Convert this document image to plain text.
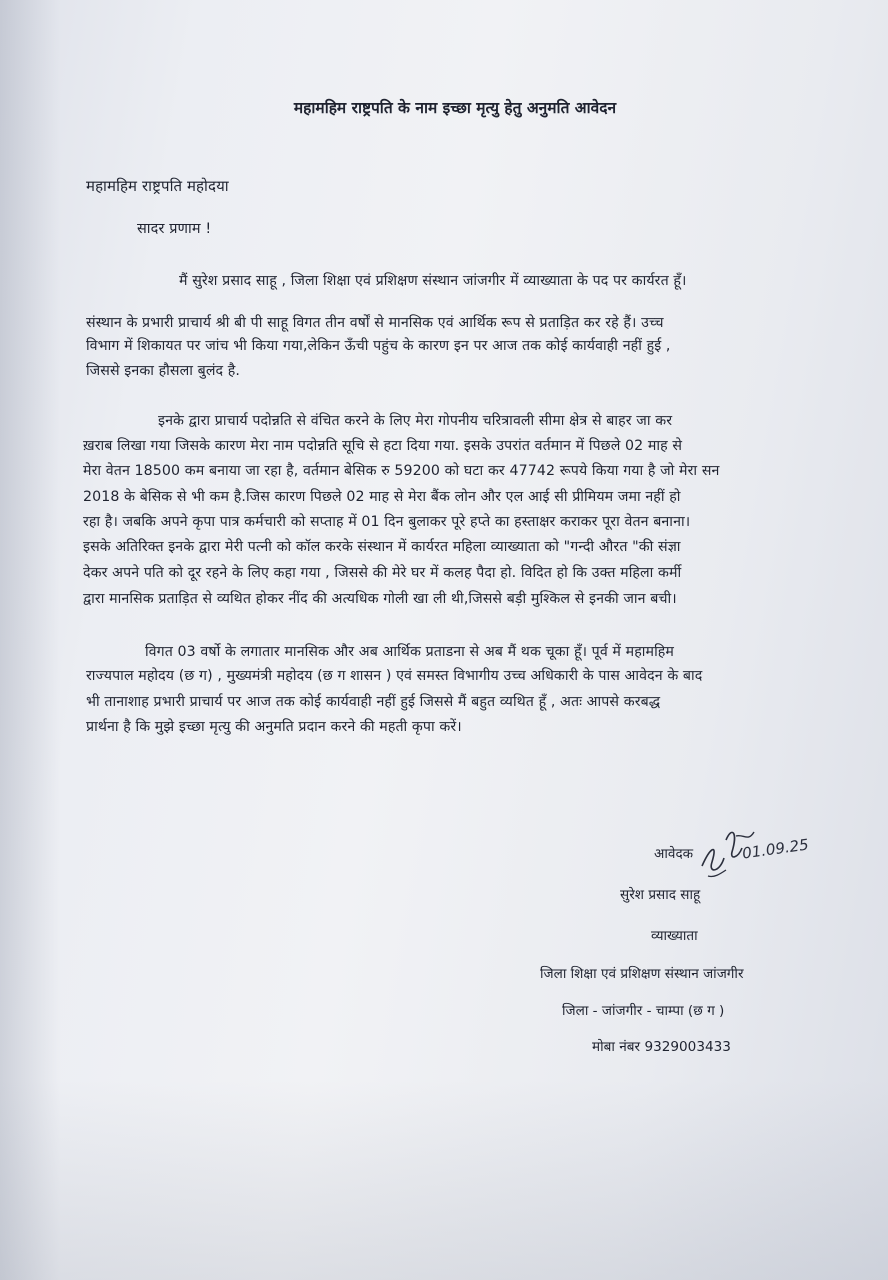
महामहिम राष्ट्रपति के नाम इच्छा मृत्यु हेतु अनुमति आवेदन
महामहिम राष्ट्रपति महोदया
सादर प्रणाम !
मैं सुरेश प्रसाद साहू , जिला शिक्षा एवं प्रशिक्षण संस्थान जांजगीर में व्याख्याता के पद पर कार्यरत हूँ।
संस्थान के प्रभारी प्राचार्य श्री बी पी साहू विगत तीन वर्षों से मानसिक एवं आर्थिक रूप से प्रताड़ित कर रहे हैं। उच्च
विभाग में शिकायत पर जांच भी किया गया,लेकिन ऊँची पहुंच के कारण इन पर आज तक कोई कार्यवाही नहीं हुई ,
जिससे इनका हौसला बुलंद है.
इनके द्वारा प्राचार्य पदोन्नति से वंचित करने के लिए मेरा गोपनीय चरित्रावली सीमा क्षेत्र से बाहर जा कर
ख़राब लिखा गया जिसके कारण मेरा नाम पदोन्नति सूचि से हटा दिया गया. इसके उपरांत वर्तमान में पिछले 02 माह से
मेरा वेतन 18500 कम बनाया जा रहा है, वर्तमान बेसिक रु 59200 को घटा कर 47742 रूपये किया गया है जो मेरा सन
2018 के बेसिक से भी कम है.जिस कारण पिछले 02 माह से मेरा बैंक लोन और एल आई सी प्रीमियम जमा नहीं हो
रहा है। जबकि अपने कृपा पात्र कर्मचारी को सप्ताह में 01 दिन बुलाकर पूरे हप्ते का हस्ताक्षर कराकर पूरा वेतन बनाना।
इसके अतिरिक्त इनके द्वारा मेरी पत्नी को कॉल करके संस्थान में कार्यरत महिला व्याख्याता को "गन्दी औरत "की संज्ञा
देकर अपने पति को दूर रहने के लिए कहा गया , जिससे की मेरे घर में कलह पैदा हो. विदित हो कि उक्त महिला कर्मी
द्वारा मानसिक प्रताड़ित से व्यथित होकर नींद की अत्यधिक गोली खा ली थी,जिससे बड़ी मुश्किल से इनकी जान बची।
विगत 03 वर्षो के लगातार मानसिक और अब आर्थिक प्रताडना से अब मैं थक चूका हूँ। पूर्व में महामहिम
राज्यपाल महोदय (छ ग) , मुख्यमंत्री महोदय (छ ग शासन ) एवं समस्त विभागीय उच्च अधिकारी के पास आवेदन के बाद
भी तानाशाह प्रभारी प्राचार्य पर आज तक कोई कार्यवाही नहीं हुई जिससे मैं बहुत व्यथित हूँ , अतः आपसे करबद्ध
प्रार्थना है कि मुझे इच्छा मृत्यु की अनुमति प्रदान करने की महती कृपा करें।
आवेदक	01.09.25
सुरेश प्रसाद साहू
व्याख्याता
जिला शिक्षा एवं प्रशिक्षण संस्थान जांजगीर
जिला - जांजगीर - चाम्पा (छ ग )
मोबा नंबर 9329003433
